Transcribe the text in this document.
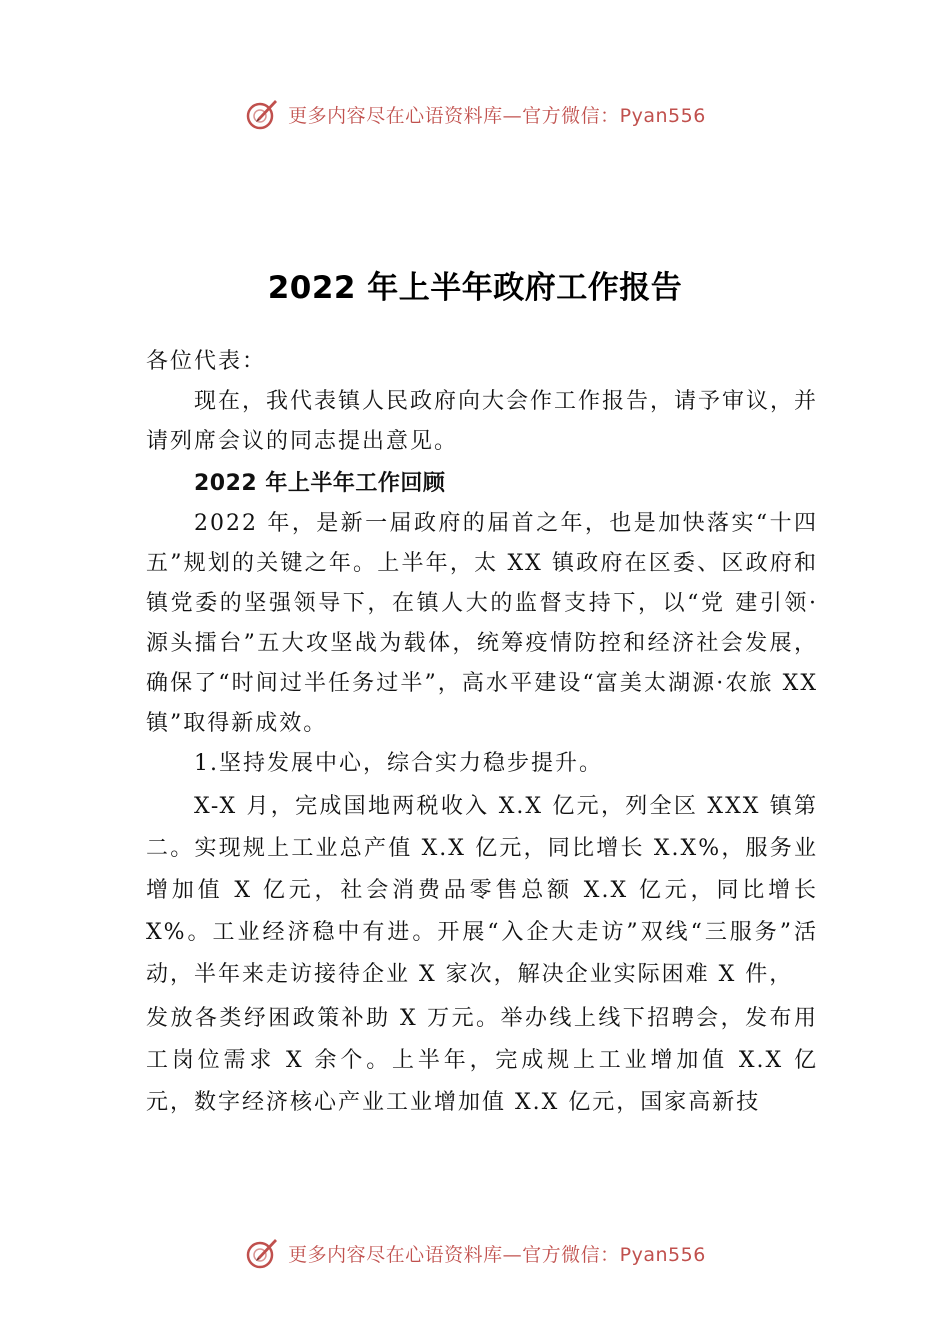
更多内容尽在心语资料库—官方微信：Pyan556
2022 年上半年政府工作报告

各位代表：

现在，我代表镇人民政府向大会作工作报告，请予审议，并请列席会议的同志提出意见。

2022 年上半年工作回顾

2022 年，是新一届政府的届首之年，也是加快落实“十四五”规划的关键之年。上半年，太 XX 镇政府在区委、区政府和镇党委的坚强领导下，在镇人大的监督支持下，以“党 建引领·源头擂台”五大攻坚战为载体，统筹疫情防控和经济社会发展，确保了“时间过半任务过半”，高水平建设“富美太湖源·农旅 XX 镇”取得新成效。

1.坚持发展中心，综合实力稳步提升。

X-X 月，完成国地两税收入 X.X 亿元，列全区 XXX 镇第二。实现规上工业总产值 X.X 亿元，同比增长 X.X%，服务业增加值 X 亿元，社会消费品零售总额 X.X 亿元，同比增长 X%。工业经济稳中有进。开展“入企大走访”双线“三服务”活动，半年来走访接待企业 X 家次，解决企业实际困难 X 件，

发放各类纾困政策补助 X 万元。举办线上线下招聘会，发布用工岗位需求 X 余个。上半年，完成规上工业增加值 X.X 亿元，数字经济核心产业工业增加值 X.X 亿元，国家高新技

更多内容尽在心语资料库—官方微信：Pyan556
